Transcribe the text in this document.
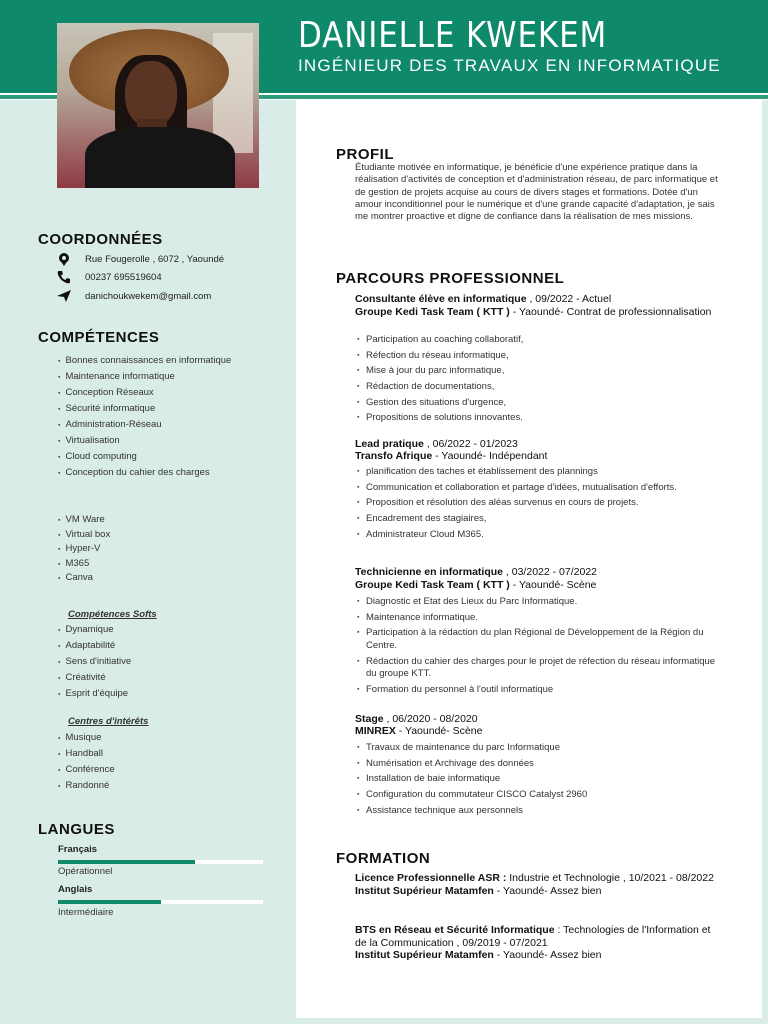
DANIELLE KWEKEM
INGÉNIEUR DES TRAVAUX EN INFORMATIQUE
COORDONNÉES
Rue Fougerolle , 6072 , Yaoundé
00237 695519604
danichoukwekem@gmail.com
COMPÉTENCES
▪ Bonnes connaissances en informatique
▪ Maintenance informatique
▪ Conception Réseaux
▪ Sécurité informatique
▪ Administration-Réseau
▪ Virtualisation
▪ Cloud computing
▪ Conception du cahier des charges
▪ VM Ware
▪ Virtual box
▪ Hyper-V
▪ M365
▪ Canva
Compétences Softs
▪ Dynamique
▪ Adaptabilité
▪ Sens d'initiative
▪ Créativité
▪ Esprit d'équipe
Centres d'intérêts
▪ Musique
▪ Handball
▪ Conférence
▪ Randonné
LANGUES
Français
Opérationnel
Anglais
Intermédiaire
PROFIL
Étudiante motivée en informatique, je bénéficie d'une expérience pratique dans la réalisation d'activités de conception et d'administration réseau, de parc informatique et de gestion de projets acquise au cours de divers stages et formations. Dotée d'un amour inconditionnel pour le numérique et d'une grande capacité d'adaptation, je sais me montrer proactive et digne de confiance dans la réalisation de mes missions.
PARCOURS PROFESSIONNEL
Consultante élève en informatique , 09/2022 - Actuel
Groupe Kedi Task Team ( KTT ) - Yaoundé- Contrat de professionnalisation
▪ Participation au coaching collaboratif,
▪ Réfection du réseau informatique,
▪ Mise à jour du parc informatique,
▪ Rédaction de documentations,
▪ Gestion des situations d'urgence,
▪ Propositions de solutions innovantes.
Lead pratique , 06/2022 - 01/2023
Transfo Afrique - Yaoundé- Indépendant
▪ planification des taches et établissement des plannings
▪ Communication et collaboration et partage d'idées, mutualisation d'efforts.
▪ Proposition et résolution des aléas survenus en cours de projets.
▪ Encadrement des stagiaires,
▪ Administrateur Cloud M365.
Technicienne en informatique , 03/2022 - 07/2022
Groupe Kedi Task Team ( KTT ) - Yaoundé- Scène
▪ Diagnostic et Etat des Lieux du Parc Informatique.
▪ Maintenance informatique.
▪ Participation à la rédaction du plan Régional de Développement de la Région du Centre.
▪ Rédaction du cahier des charges pour le projet de réfection du réseau informatique du groupe KTT.
▪ Formation du personnel à l'outil informatique
Stage , 06/2020 - 08/2020
MINREX - Yaoundé- Scène
▪ Travaux de maintenance du parc Informatique
▪ Numérisation et Archivage des données
▪ Installation de baie informatique
▪ Configuration du commutateur CISCO Catalyst 2960
▪ Assistance technique aux personnels
FORMATION
Licence Professionnelle ASR : Industrie et Technologie , 10/2021 - 08/2022
Institut Supérieur Matamfen - Yaoundé- Assez bien
BTS en Réseau et Sécurité Informatique : Technologies de l'Information et de la Communication , 09/2019 - 07/2021
Institut Supérieur Matamfen - Yaoundé- Assez bien
